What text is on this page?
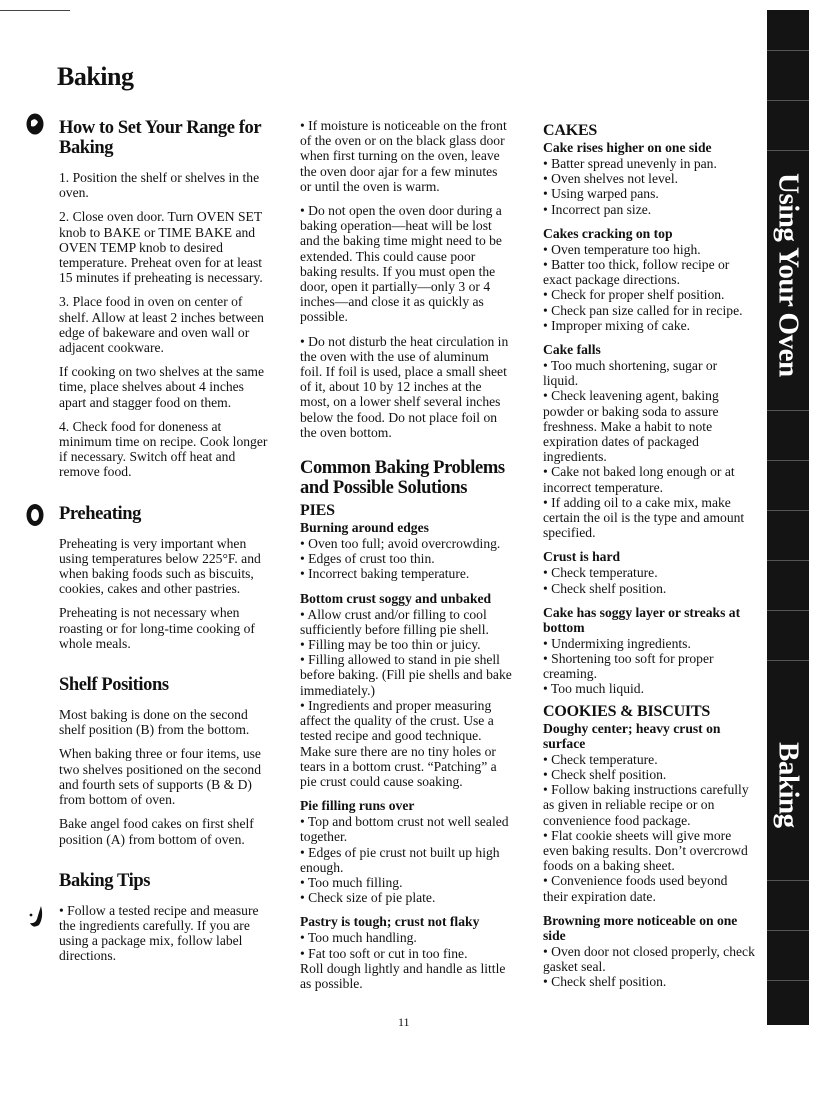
Baking
How to Set Your Range for Baking

1. Position the shelf or shelves in the oven.

2. Close oven door. Turn OVEN SET knob to BAKE or TIME BAKE and OVEN TEMP knob to desired temperature. Preheat oven for at least 15 minutes if preheating is necessary.

3. Place food in oven on center of shelf. Allow at least 2 inches between edge of bakeware and oven wall or adjacent cookware.

If cooking on two shelves at the same time, place shelves about 4 inches apart and stagger food on them.

4. Check food for doneness at minimum time on recipe. Cook longer if necessary. Switch off heat and remove food.

Preheating

Preheating is very important when using temperatures below 225°F. and when baking foods such as biscuits, cookies, cakes and other pastries.

Preheating is not necessary when roasting or for long-time cooking of whole meals.

Shelf Positions

Most baking is done on the second shelf position (B) from the bottom.

When baking three or four items, use two shelves positioned on the second and fourth sets of supports (B & D) from bottom of oven.

Bake angel food cakes on first shelf position (A) from bottom of oven.

Baking Tips

• Follow a tested recipe and measure the ingredients carefully. If you are using a package mix, follow label directions.

• If moisture is noticeable on the front of the oven or on the black glass door when first turning on the oven, leave the oven door ajar for a few minutes or until the oven is warm.

• Do not open the oven door during a baking operation—heat will be lost and the baking time might need to be extended. This could cause poor baking results. If you must open the door, open it partially—only 3 or 4 inches—and close it as quickly as possible.

• Do not disturb the heat circulation in the oven with the use of aluminum foil. If foil is used, place a small sheet of it, about 10 by 12 inches at the most, on a lower shelf several inches below the food. Do not place foil on the oven bottom.

Common Baking Problems and Possible Solutions
PIES
Burning around edges
• Oven too full; avoid overcrowding.
• Edges of crust too thin.
• Incorrect baking temperature.
Bottom crust soggy and unbaked
• Allow crust and/or filling to cool sufficiently before filling pie shell.
• Filling may be too thin or juicy.
• Filling allowed to stand in pie shell before baking. (Fill pie shells and bake immediately.)
• Ingredients and proper measuring affect the quality of the crust. Use a tested recipe and good technique. Make sure there are no tiny holes or tears in a bottom crust. “Patching” a pie crust could cause soaking.
Pie filling runs over
• Top and bottom crust not well sealed together.
• Edges of pie crust not built up high enough.
• Too much filling.
• Check size of pie plate.
Pastry is tough; crust not flaky
• Too much handling.
• Fat too soft or cut in too fine.
Roll dough lightly and handle as little as possible.
CAKES
Cake rises higher on one side
• Batter spread unevenly in pan.
• Oven shelves not level.
• Using warped pans.
• Incorrect pan size.
Cakes cracking on top
• Oven temperature too high.
• Batter too thick, follow recipe or exact package directions.
• Check for proper shelf position.
• Check pan size called for in recipe.
• Improper mixing of cake.
Cake falls
• Too much shortening, sugar or liquid.
• Check leavening agent, baking powder or baking soda to assure freshness. Make a habit to note expiration dates of packaged ingredients.
• Cake not baked long enough or at incorrect temperature.
• If adding oil to a cake mix, make certain the oil is the type and amount specified.
Crust is hard
• Check temperature.
• Check shelf position.
Cake has soggy layer or streaks at bottom
• Undermixing ingredients.
• Shortening too soft for proper creaming.
• Too much liquid.
COOKIES & BISCUITS
Doughy center; heavy crust on surface
• Check temperature.
• Check shelf position.
• Follow baking instructions carefully as given in reliable recipe or on convenience food package.
• Flat cookie sheets will give more even baking results. Don’t overcrowd foods on a baking sheet.
• Convenience foods used beyond their expiration date.
Browning more noticeable on one side
• Oven door not closed properly, check gasket seal.
• Check shelf position.
11
Using Your Oven
Baking
